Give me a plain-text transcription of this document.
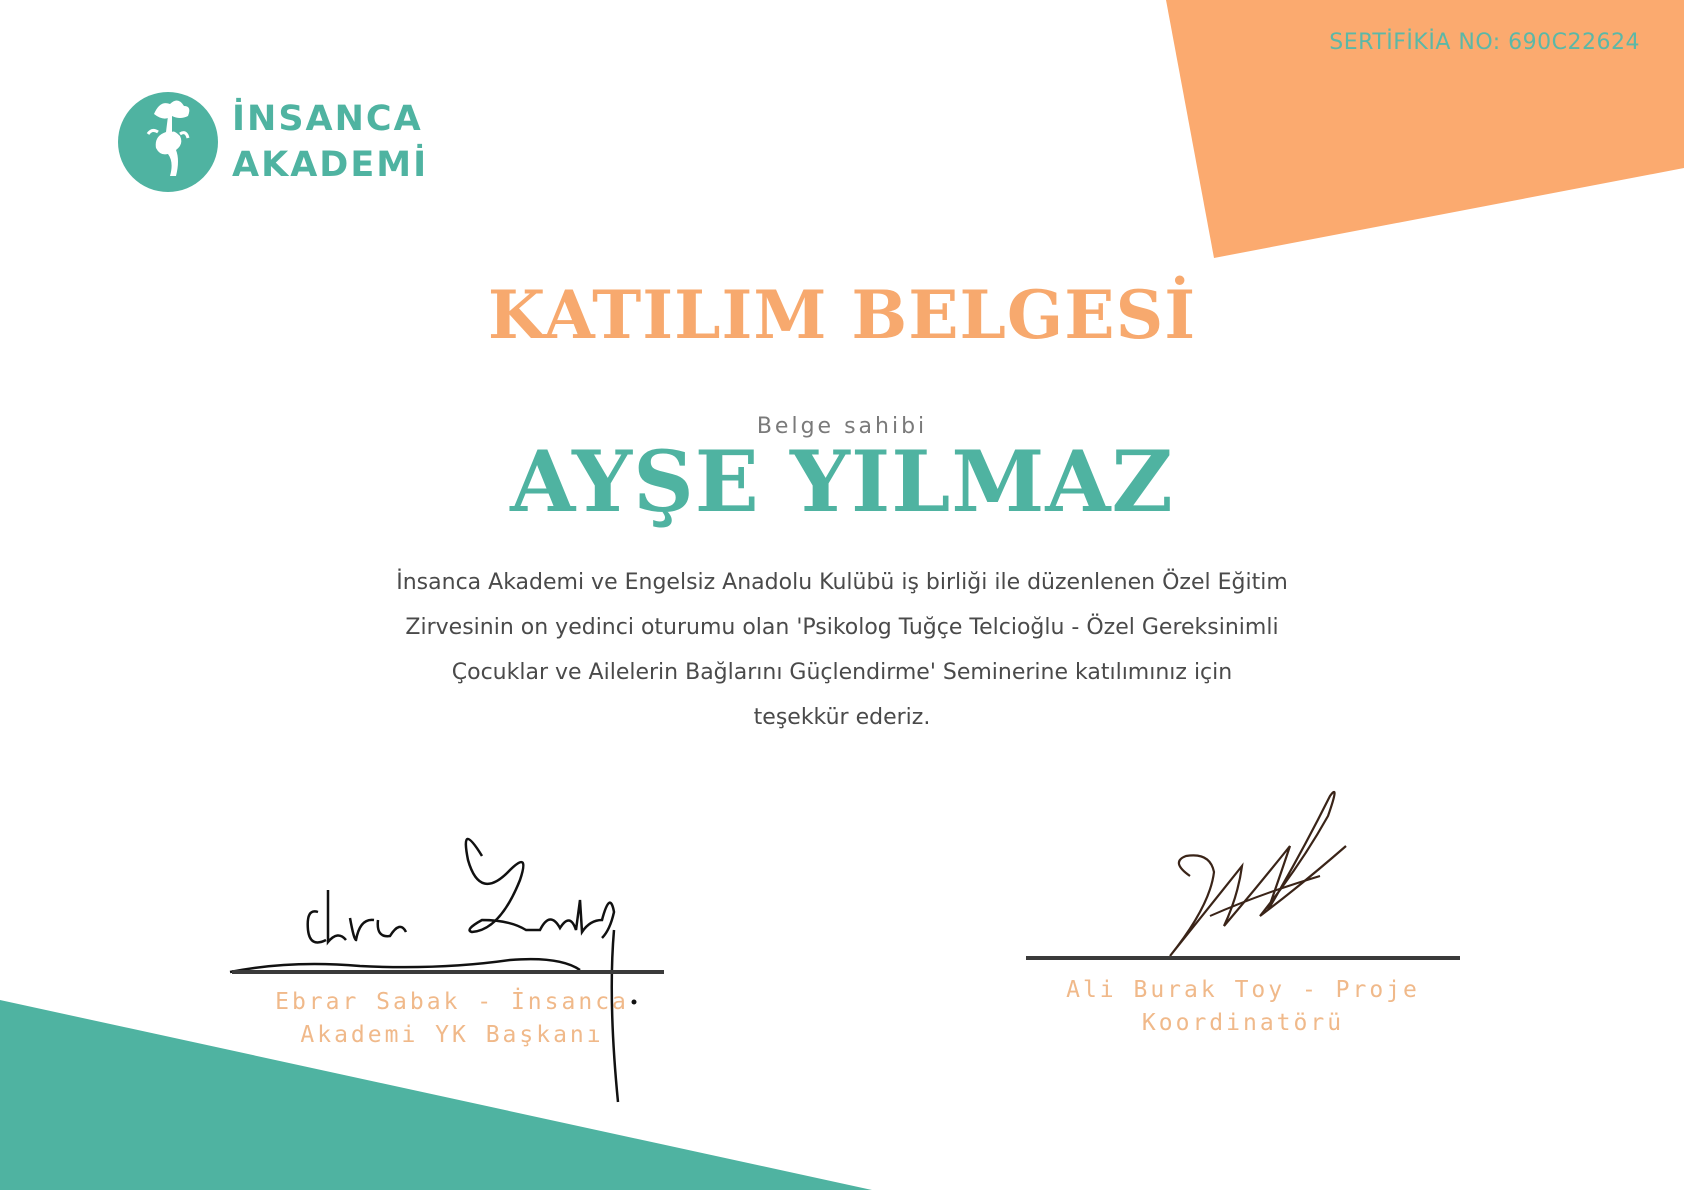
SERTİFİKİA NO: 690C22624
İNSANCA
AKADEMİ
KATILIM BELGESİ
Belge sahibi
AYŞE YILMAZ
İnsanca Akademi ve Engelsiz Anadolu Kulübü iş birliği ile düzenlenen Özel Eğitim
Zirvesinin on yedinci oturumu olan 'Psikolog Tuğçe Telcioğlu - Özel Gereksinimli
Çocuklar ve Ailelerin Bağlarını Güçlendirme' Seminerine katılımınız için
teşekkür ederiz.
Ebrar Sabak - İnsanca
Akademi YK Başkanı
Ali Burak Toy - Proje
Koordinatörü
